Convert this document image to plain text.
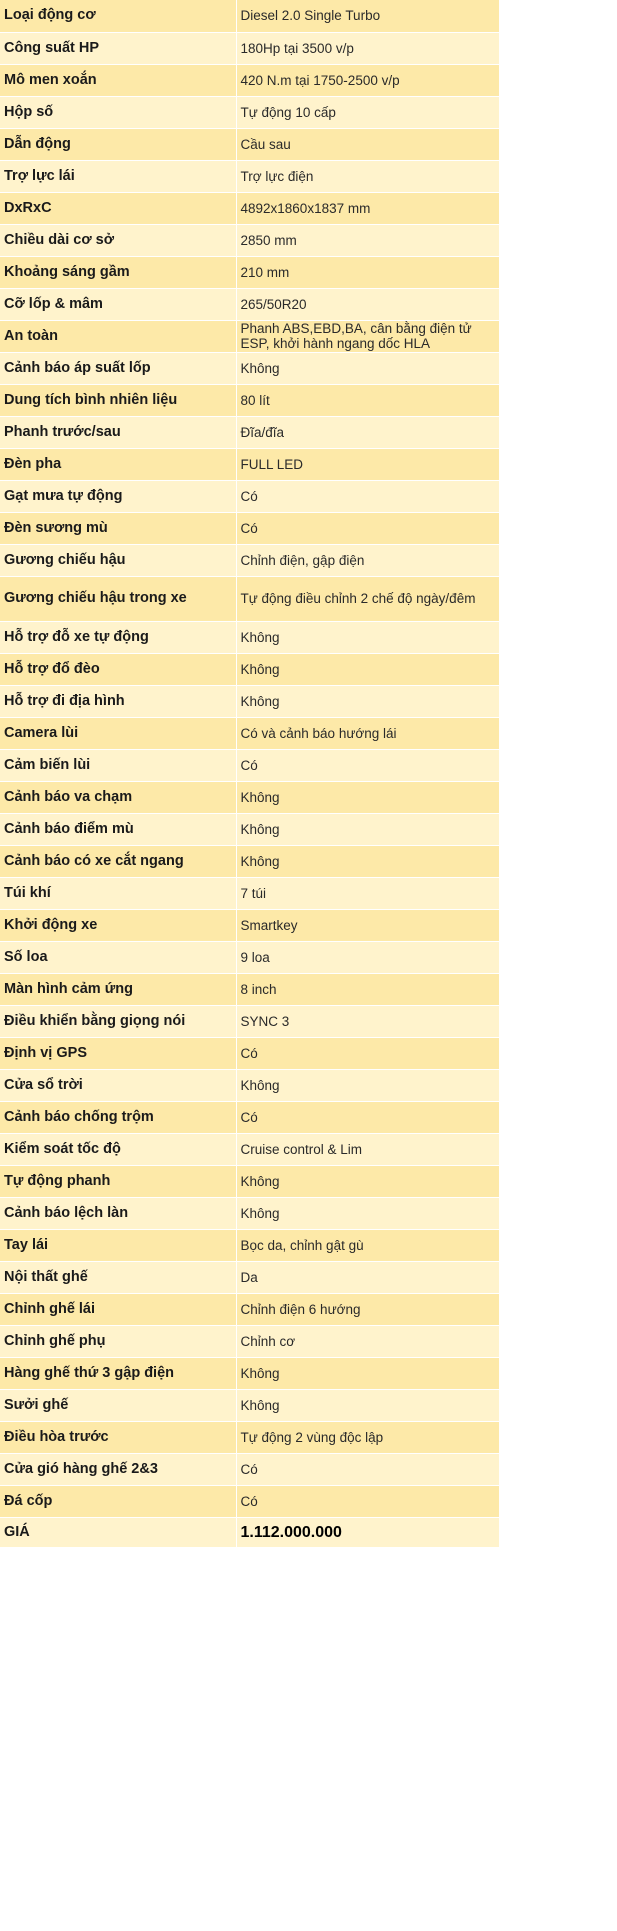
Loại động cơ	Diesel 2.0 Single Turbo
Công suất HP	180Hp tại 3500 v/p
Mô men xoắn	420 N.m tại 1750-2500 v/p
Hộp số	Tự động 10 cấp
Dẫn động	Cầu sau
Trợ lực lái	Trợ lực điện
DxRxC	4892x1860x1837 mm
Chiều dài cơ sở	2850 mm
Khoảng sáng gầm	210 mm
Cỡ lốp & mâm	265/50R20
An toàn	Phanh ABS,EBD,BA, cân bằng điện tử ESP, khởi hành ngang dốc HLA
Cảnh báo áp suất lốp	Không
Dung tích bình nhiên liệu	80 lít
Phanh trước/sau	Đĩa/đĩa
Đèn pha	FULL LED
Gạt mưa tự động	Có
Đèn sương mù	Có
Gương chiếu hậu	Chỉnh điện, gập điện
Gương chiếu hậu trong xe	Tự động điều chỉnh 2 chế độ ngày/đêm
Hỗ trợ đỗ xe tự động	Không
Hỗ trợ đổ đèo	Không
Hỗ trợ đi địa hình	Không
Camera lùi	Có và cảnh báo hướng lái
Cảm biến lùi	Có
Cảnh báo va chạm	Không
Cảnh báo điểm mù	Không
Cảnh báo có xe cắt ngang	Không
Túi khí	7 túi
Khởi động xe	Smartkey
Số loa	9 loa
Màn hình cảm ứng	8 inch
Điều khiển bằng giọng nói	SYNC 3
Định vị GPS	Có
Cửa sổ trời	Không
Cảnh báo chống trộm	Có
Kiểm soát tốc độ	Cruise control & Lim
Tự động phanh	Không
Cảnh báo lệch làn	Không
Tay lái	Bọc da, chỉnh gật gù
Nội thất ghế	Da
Chỉnh ghế lái	Chỉnh điện 6 hướng
Chỉnh ghế phụ	Chỉnh cơ
Hàng ghế thứ 3 gập điện	Không
Sưởi ghế	Không
Điều hòa trước	Tự động 2 vùng độc lập
Cửa gió hàng ghế 2&3	Có
Đá cốp	Có
GIÁ	1.112.000.000
